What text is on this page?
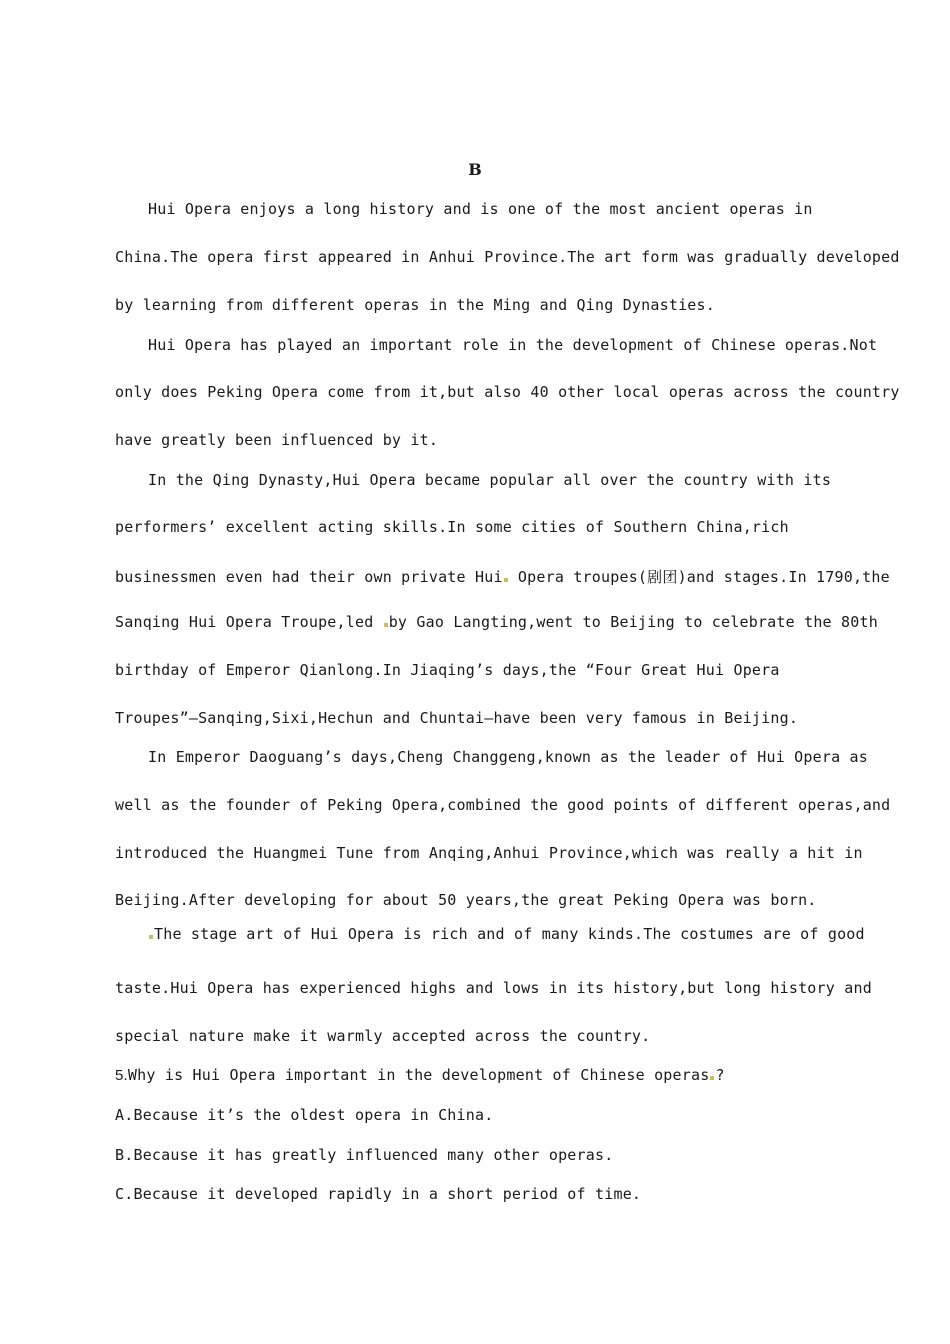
B
Hui Opera enjoys a long history and is one of the most ancient operas in
China.The opera first appeared in Anhui Province.The art form was gradually developed
by learning from different operas in the Ming and Qing Dynasties.
Hui Opera has played an important role in the development of Chinese operas.Not
only does Peking Opera come from it,but also 40 other local operas across the country
have greatly been influenced by it.
In the Qing Dynasty,Hui Opera became popular all over the country with its
performers’ excellent acting skills.In some cities of Southern China,rich
businessmen even had their own private Hui Opera troupes(剧团)and stages.In 1790,the
Sanqing Hui Opera Troupe,led by Gao Langting,went to Beijing to celebrate the 80th
birthday of Emperor Qianlong.In Jiaqing’s days,the “Four Great Hui Opera
Troupes”—Sanqing,Sixi,Hechun and Chuntai—have been very famous in Beijing.
In Emperor Daoguang’s days,Cheng Changgeng,known as the leader of Hui Opera as
well as the founder of Peking Opera,combined the good points of different operas,and
introduced the Huangmei Tune from Anqing,Anhui Province,which was really a hit in
Beijing.After developing for about 50 years,the great Peking Opera was born.
The stage art of Hui Opera is rich and of many kinds.The costumes are of good
taste.Hui Opera has experienced highs and lows in its history,but long history and
special nature make it warmly accepted across the country.
5.Why is Hui Opera important in the development of Chinese operas ?
A.Because it’s the oldest opera in China.
B.Because it has greatly influenced many other operas.
C.Because it developed rapidly in a short period of time.
